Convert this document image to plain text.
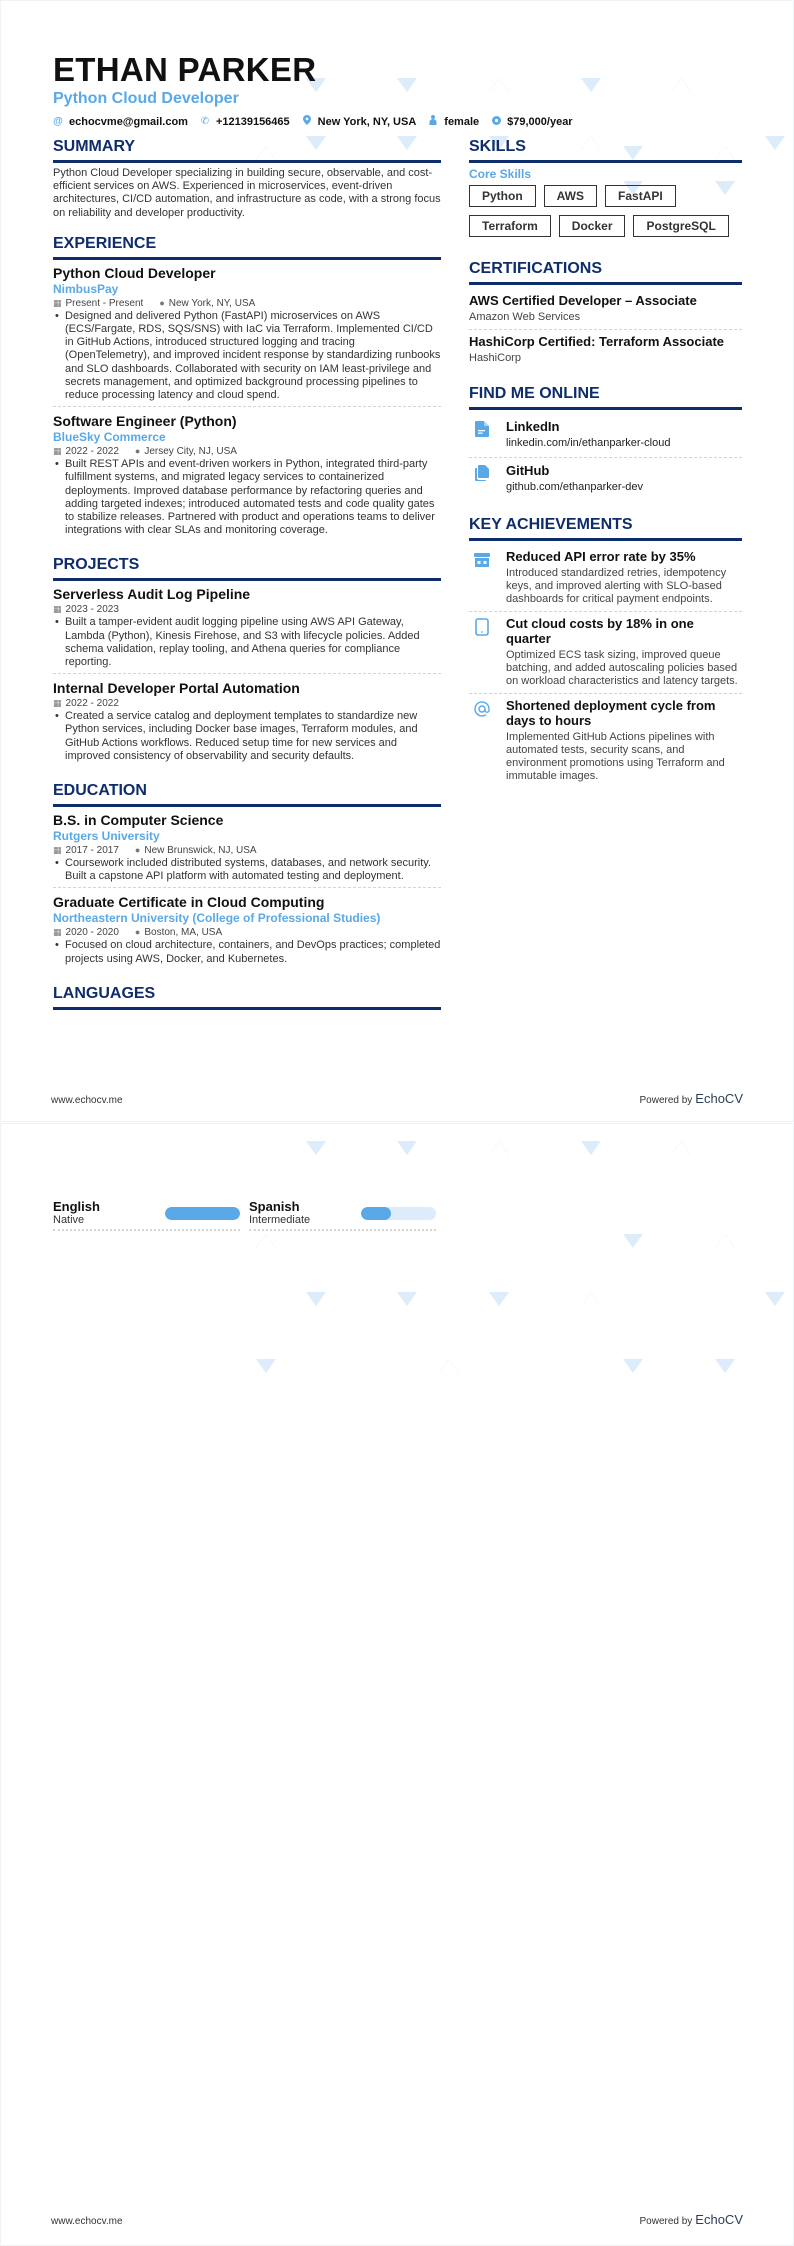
ETHAN PARKER
Python Cloud Developer
@ echocvme@gmail.com ✆ +12139156465	New York, NY, USA	female	$79,000/year
SUMMARY
Python Cloud Developer specializing in building secure, observable, and cost-efficient services on AWS. Experienced in microservices, event-driven architectures, CI/CD automation, and infrastructure as code, with a strong focus on reliability and developer productivity.
EXPERIENCE
Python Cloud Developer
NimbusPay
▦ Present - Present ● New York, NY, USA
• Designed and delivered Python (FastAPI) microservices on AWS (ECS/Fargate, RDS, SQS/SNS) with IaC via Terraform. Implemented CI/CD in GitHub Actions, introduced structured logging and tracing (OpenTelemetry), and improved incident response by standardizing runbooks and SLO dashboards. Collaborated with security on IAM least-privilege and secrets management, and optimized background processing pipelines to reduce processing latency and cloud spend.
Software Engineer (Python)
BlueSky Commerce
▦ 2022 - 2022 ● Jersey City, NJ, USA
• Built REST APIs and event-driven workers in Python, integrated third-party fulfillment systems, and migrated legacy services to containerized deployments. Improved database performance by refactoring queries and adding targeted indexes; introduced automated tests and code quality gates to stabilize releases. Partnered with product and operations teams to deliver integrations with clear SLAs and monitoring coverage.
PROJECTS
Serverless Audit Log Pipeline
▦ 2023 - 2023
• Built a tamper-evident audit logging pipeline using AWS API Gateway, Lambda (Python), Kinesis Firehose, and S3 with lifecycle policies. Added schema validation, replay tooling, and Athena queries for compliance reporting.
Internal Developer Portal Automation
▦ 2022 - 2022
• Created a service catalog and deployment templates to standardize new Python services, including Docker base images, Terraform modules, and GitHub Actions workflows. Reduced setup time for new services and improved consistency of observability and security defaults.
EDUCATION
B.S. in Computer Science
Rutgers University
▦ 2017 - 2017 ● New Brunswick, NJ, USA
• Coursework included distributed systems, databases, and network security. Built a capstone API platform with automated testing and deployment.
Graduate Certificate in Cloud Computing
Northeastern University (College of Professional Studies)
▦ 2020 - 2020 ● Boston, MA, USA
• Focused on cloud architecture, containers, and DevOps practices; completed projects using AWS, Docker, and Kubernetes.
LANGUAGES
SKILLS
Core Skills
Python	AWS	FastAPI
Terraform	Docker	PostgreSQL
CERTIFICATIONS
AWS Certified Developer – Associate
Amazon Web Services
HashiCorp Certified: Terraform Associate
HashiCorp
FIND ME ONLINE
LinkedIn
linkedin.com/in/ethanparker-cloud
GitHub
github.com/ethanparker-dev
KEY ACHIEVEMENTS
Reduced API error rate by 35%
Introduced standardized retries, idempotency keys, and improved alerting with SLO-based dashboards for critical payment endpoints.
Cut cloud costs by 18% in one quarter
Optimized ECS task sizing, improved queue batching, and added autoscaling policies based on workload characteristics and latency targets.
Shortened deployment cycle from days to hours
Implemented GitHub Actions pipelines with automated tests, security scans, and environment promotions using Terraform and immutable images.
www.echocv.me	Powered by EchoCV
English
Native
Spanish
Intermediate
www.echocv.me	Powered by EchoCV
